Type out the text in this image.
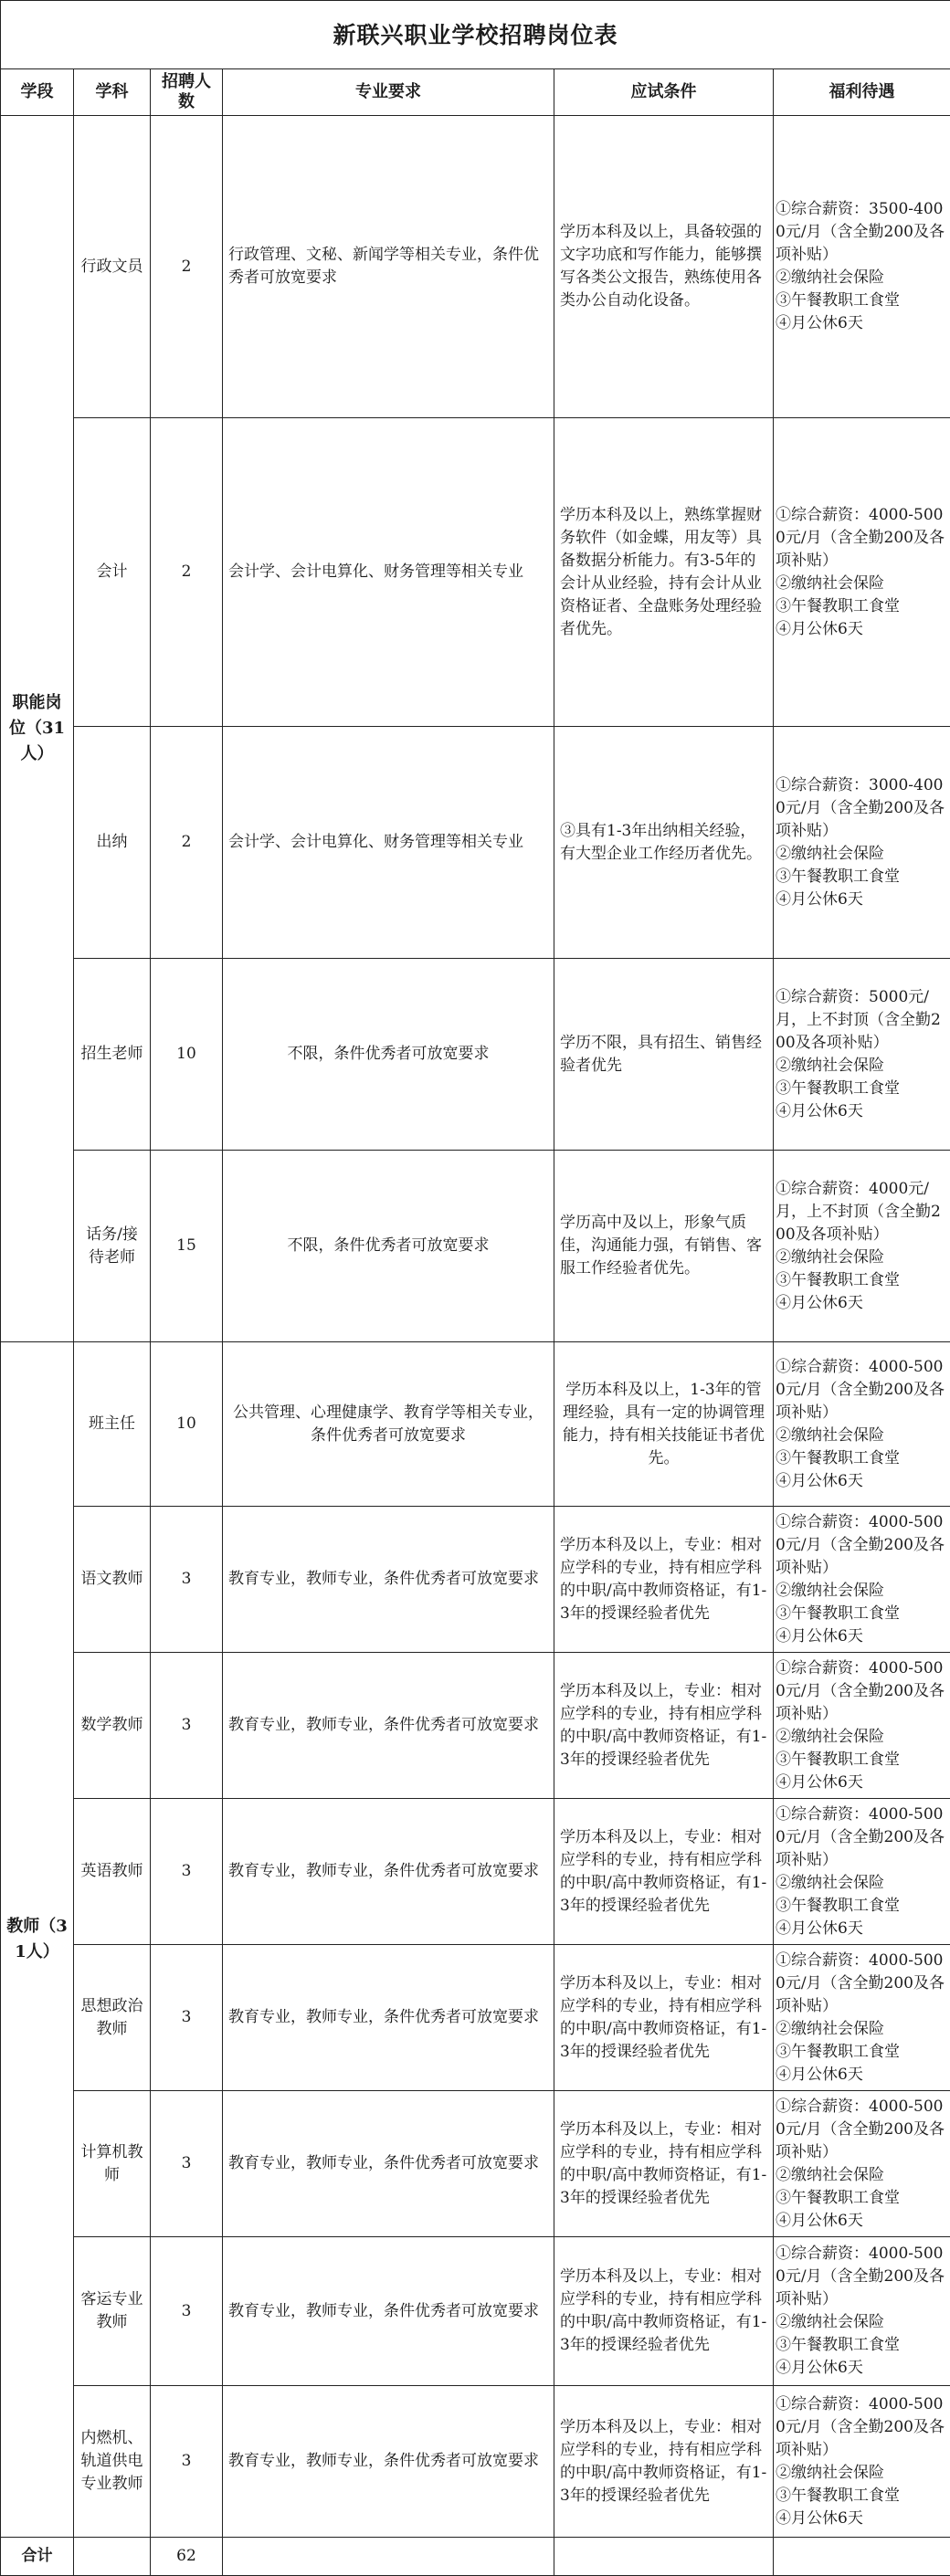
新联兴职业学校招聘岗位表					
学段	学科	招聘人数	专业要求	应试条件	福利待遇
职能岗位（31人）	行政文员	2	行政管理、文秘、新闻学等相关专业，条件优秀者可放宽要求	学历本科及以上，具备较强的文字功底和写作能力，能够撰写各类公文报告，熟练使用各类办公自动化设备。	①综合薪资：3500-4000元/月（含全勤200及各项补贴）
②缴纳社会保险
③午餐教职工食堂
④月公休6天

	会计	2	会计学、会计电算化、财务管理等相关专业	学历本科及以上，熟练掌握财务软件（如金蝶，用友等）具备数据分析能力。有3-5年的会计从业经验，持有会计从业资格证者、全盘账务处理经验者优先。	①综合薪资：4000-5000元/月（含全勤200及各项补贴）
②缴纳社会保险
③午餐教职工食堂
④月公休6天

	出纳	2	会计学、会计电算化、财务管理等相关专业	③具有1-3年出纳相关经验，有大型企业工作经历者优先。	①综合薪资：3000-4000元/月（含全勤200及各项补贴）
②缴纳社会保险
③午餐教职工食堂
④月公休6天

	招生老师	10	不限，条件优秀者可放宽要求	学历不限，具有招生、销售经验者优先	①综合薪资：5000元/月，上不封顶（含全勤200及各项补贴）
②缴纳社会保险
③午餐教职工食堂
④月公休6天

	话务/接待老师	15	不限，条件优秀者可放宽要求	学历高中及以上，形象气质佳，沟通能力强，有销售、客服工作经验者优先。	①综合薪资：4000元/月，上不封顶（含全勤200及各项补贴）
②缴纳社会保险
③午餐教职工食堂
④月公休6天

教师（31人）	班主任	10	公共管理、心理健康学、教育学等相关专业，条件优秀者可放宽要求	学历本科及以上，1-3年的管理经验，具有一定的协调管理能力，持有相关技能证书者优先。	①综合薪资：4000-5000元/月（含全勤200及各项补贴）
②缴纳社会保险
③午餐教职工食堂
④月公休6天

	语文教师	3	教育专业，教师专业，条件优秀者可放宽要求	学历本科及以上，专业：相对应学科的专业，持有相应学科的中职/高中教师资格证，有1-3年的授课经验者优先	①综合薪资：4000-5000元/月（含全勤200及各项补贴）
②缴纳社会保险
③午餐教职工食堂
④月公休6天

	数学教师	3	教育专业，教师专业，条件优秀者可放宽要求	学历本科及以上，专业：相对应学科的专业，持有相应学科的中职/高中教师资格证，有1-3年的授课经验者优先	①综合薪资：4000-5000元/月（含全勤200及各项补贴）
②缴纳社会保险
③午餐教职工食堂
④月公休6天

	英语教师	3	教育专业，教师专业，条件优秀者可放宽要求	学历本科及以上，专业：相对应学科的专业，持有相应学科的中职/高中教师资格证，有1-3年的授课经验者优先	①综合薪资：4000-5000元/月（含全勤200及各项补贴）
②缴纳社会保险
③午餐教职工食堂
④月公休6天

	思想政治教师	3	教育专业，教师专业，条件优秀者可放宽要求	学历本科及以上，专业：相对应学科的专业，持有相应学科的中职/高中教师资格证，有1-3年的授课经验者优先	①综合薪资：4000-5000元/月（含全勤200及各项补贴）
②缴纳社会保险
③午餐教职工食堂
④月公休6天

	计算机教师	3	教育专业，教师专业，条件优秀者可放宽要求	学历本科及以上，专业：相对应学科的专业，持有相应学科的中职/高中教师资格证，有1-3年的授课经验者优先	①综合薪资：4000-5000元/月（含全勤200及各项补贴）
②缴纳社会保险
③午餐教职工食堂
④月公休6天

	客运专业教师	3	教育专业，教师专业，条件优秀者可放宽要求	学历本科及以上，专业：相对应学科的专业，持有相应学科的中职/高中教师资格证，有1-3年的授课经验者优先	①综合薪资：4000-5000元/月（含全勤200及各项补贴）
②缴纳社会保险
③午餐教职工食堂
④月公休6天

	内燃机、轨道供电专业教师	3	教育专业，教师专业，条件优秀者可放宽要求	学历本科及以上，专业：相对应学科的专业，持有相应学科的中职/高中教师资格证，有1-3年的授课经验者优先	①综合薪资：4000-5000元/月（含全勤200及各项补贴）
②缴纳社会保险
③午餐教职工食堂
④月公休6天

合计		62			
